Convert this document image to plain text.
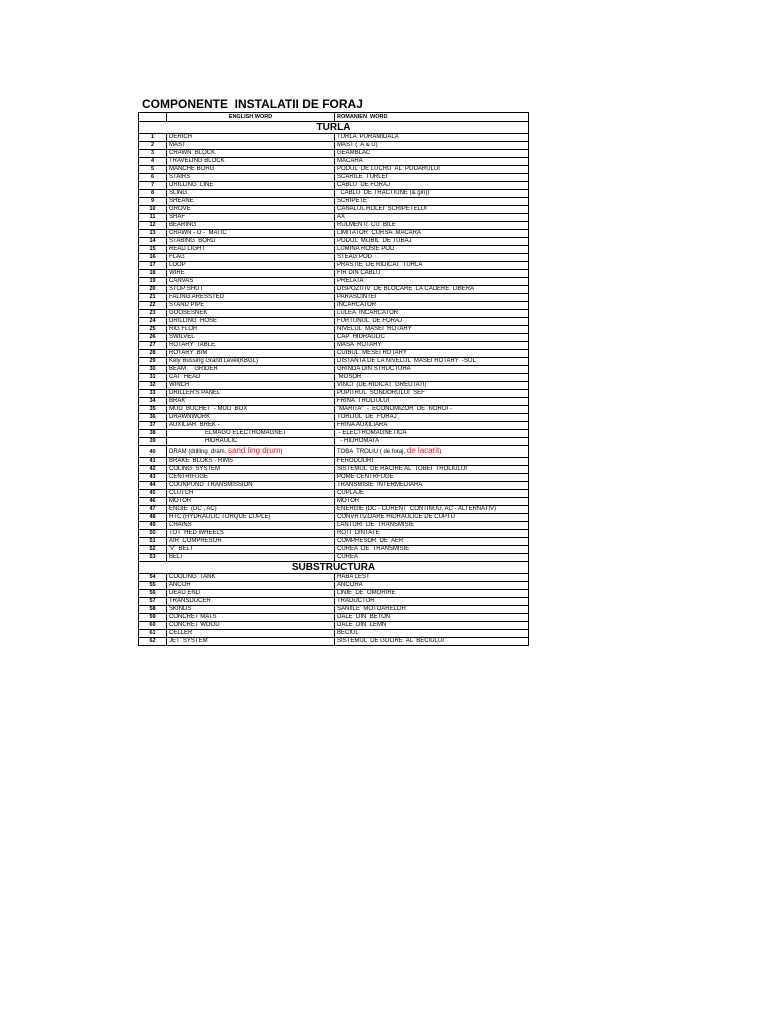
COMPONENTE  INSTALATII DE FORAJ
	ENGLISH WORD	ROMANIEN  WORD
TURLA		
1	DERICH	TURLA  PURAMIDALA
2	MAST	MAST (  A & U)
3	CRAWN  BLOCK	GEAMBLAC
4	TRAVELING BLOCK	MACARA
5	MANCHE BORG	PODUL  DE LUCRU  AL  PODARULUI
6	STAIRS	SCARILE  TURLEI
7	DRILLING  LINE	CABLU  DE FORAJ
8	SLING	CABLU  DE TRACTIUNE (& gin))
9	SHEANE	SCRIPETE
10	GROVE	CANALUL ROLEI  SCRIPETELUI
11	SHAF	AX
12	BEARING	RULMENTI  CU  BILE
13	CRAWN - O -  MATIC	LIMITATOR  CURSA  MACARA
14	STABING  BORD	PODUL  MOBIL  DE TUBAJ
15	READ LIGHT	LUMINA ROSIE POD
16	FLAG	STEAG POD
17	LOOP	PRASTIE  DE RIDICAT  TURLA
18	WIRE	FIR DIN CABLU
19	CANVAS	PRELATA
20	STOP SHUT	DISPOZITIV  DE BLOCARE  LA CADERE  LIBERA
21	FALING ARESSTED	PARASCINTEI
22	STAND PIPE	INCARCATOR
23	GOOSESNEK	LULEA  INCARCATOR
24	DRILLING  HOSE	FURTUNUL  DE FORAJ
25	RIG FLOR	NIVELUL  MASEI  ROTARY
26	SWILVEL	CAP  HIDRAULIC
27	ROTARY  TABLE	MASA  ROTARY
28	ROTARY  BIM	CUIBUL  MESEI ROTARY
29	Kely Bussing Grand Level(KBGL)	DISTANTA DE LA NIVELUL  MASEI ROTARY  -SOL
30	BEAM     GRIDER	GRINDA DIN STRUCTURA
31	CAT  HEAD	MOSOR
32	WINCH	VINCI  (DE RIDICAT  GREUTATI)
33	DRILLER'S PANEL	PUPITRUL  SONDORULUI  SEF
34	BRAK	FRINA  TROLIULUI
35	MUD  BUCHET  - MUD  BOX	"MARITA"  -  ECONOMIZOR  DE  NOROI -
36	DRAWNWORK	TORLIUL  DE  FORAJ
37	AUXILIAR  BREK -	FRINA AUXILIARA
38	ELMAGO ELECTROMAGNET	- ELECTROMAGNETICA
39	HIDRAULIC	- HIDROMATA
40	DRAM (drilling  dram, sand ling drum)	TOBA  TROLIU ( de foraj, de lacarit)
41	BRAKE  BLOKS - RIMS	FERODOURI
42	COLING  SYSTEM	SISTEMUL  DE RACIRE AL  TOBEI  TROLIULUI
43	CENTRIFUGE	POME CENTRFUGE
44	COUNPUND  TRANSMISSION	TRANSMISIE  INTERMEDIARA
45	CLUTCH	CUPLAJE
46	MOTOR	MOTOR
47	ENGIE  (DC , AC)	ENERGIE (DC - CURENT  CONTINUU, AC - ALTERNATIV)
48	HTC (HYDRAULIC TORQUE CUPLE)	CONVRTIZOARE HIDRAULICE DE CUPTU
49	CHAINS	LANTURI  DE  TRANSMISIE
50	TOT  HED WHEELS	ROTI  DINTATE
51	AIR  COMPRESOR	COMPRESOR  DE  AER
52	'V'  BELT	CUREA  DE  TRANSMISIE
53	BELT	CUREA
SUBSTRUCTURA		
54	COOLING  TANK	HABA LEST
55	ANCOR	ANCORA
56	DEAD END	LINIE  DE  OMORIRE
57	TRANSDUCER	TRADUCTOR
58	SKINDS	SANIILE  MOTOARELOR
59	CONCRET MATS	DALE  DIN  BETON
60	CONCRET WOOD	DALE  DIN  LEMN
61	CELLER	BECIUL
62	JET  SYSTEM	SISTEMUL  DE GOLIRE  AL  BECIULUI
